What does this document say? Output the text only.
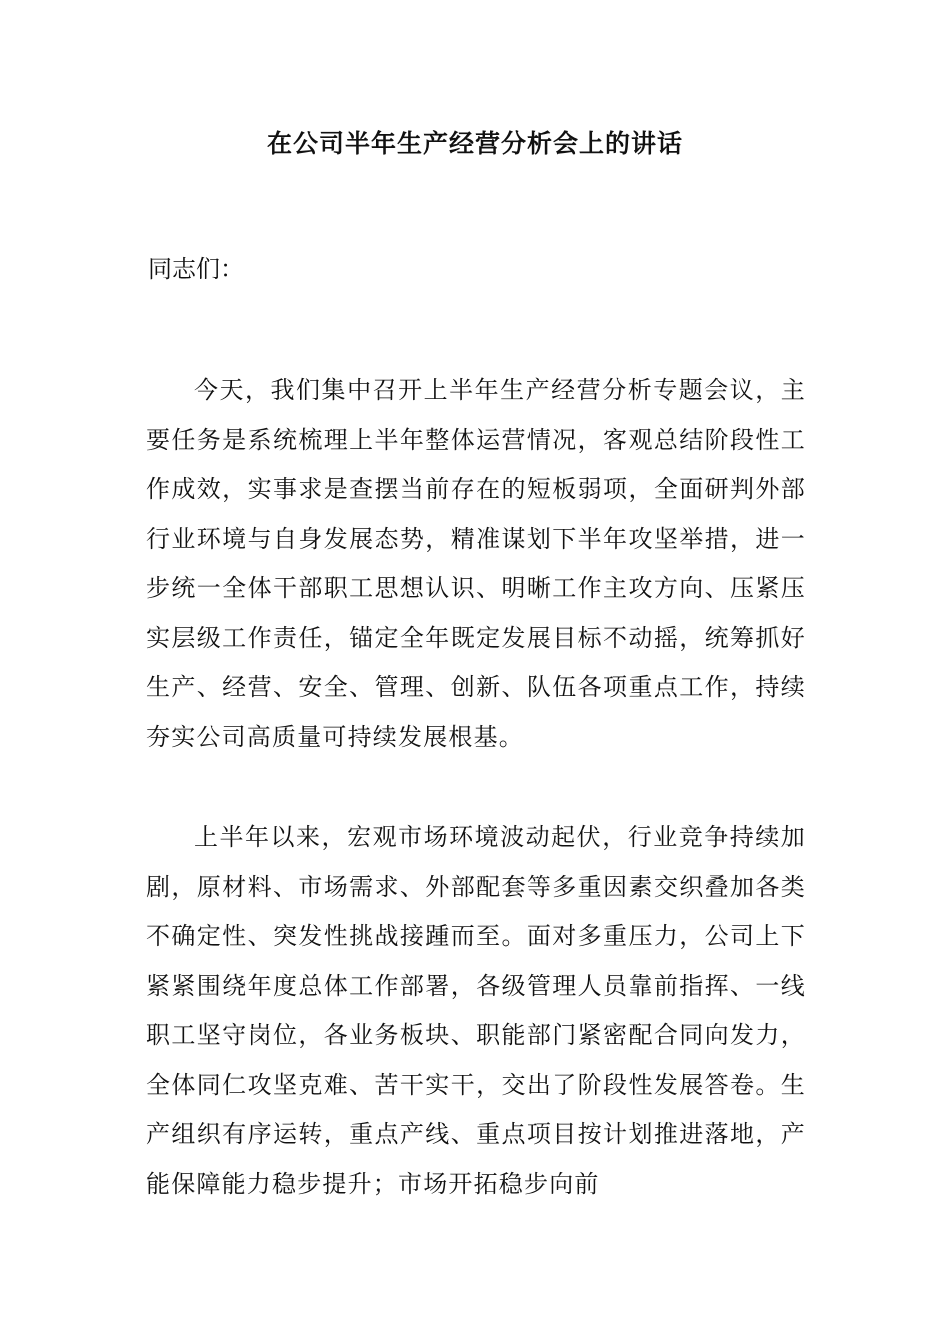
在公司半年生产经营分析会上的讲话
同志们：

今天，我们集中召开上半年生产经营分析专题会议，主要任务是系统梳理上半年整体运营情况，客观总结阶段性工作成效，实事求是查摆当前存在的短板弱项，全面研判外部行业环境与自身发展态势，精准谋划下半年攻坚举措，进一步统一全体干部职工思想认识、明晰工作主攻方向、压紧压实层级工作责任，锚定全年既定发展目标不动摇，统筹抓好生产、经营、安全、管理、创新、队伍各项重点工作，持续夯实公司高质量可持续发展根基。

上半年以来，宏观市场环境波动起伏，行业竞争持续加剧，原材料、市场需求、外部配套等多重因素交织叠加各类不确定性、突发性挑战接踵而至。面对多重压力，公司上下紧紧围绕年度总体工作部署，各级管理人员靠前指挥、一线职工坚守岗位，各业务板块、职能部门紧密配合同向发力，全体同仁攻坚克难、苦干实干，交出了阶段性发展答卷。生产组织有序运转，重点产线、重点项目按计划推进落地，产能保障能力稳步提升；市场开拓稳步向前
